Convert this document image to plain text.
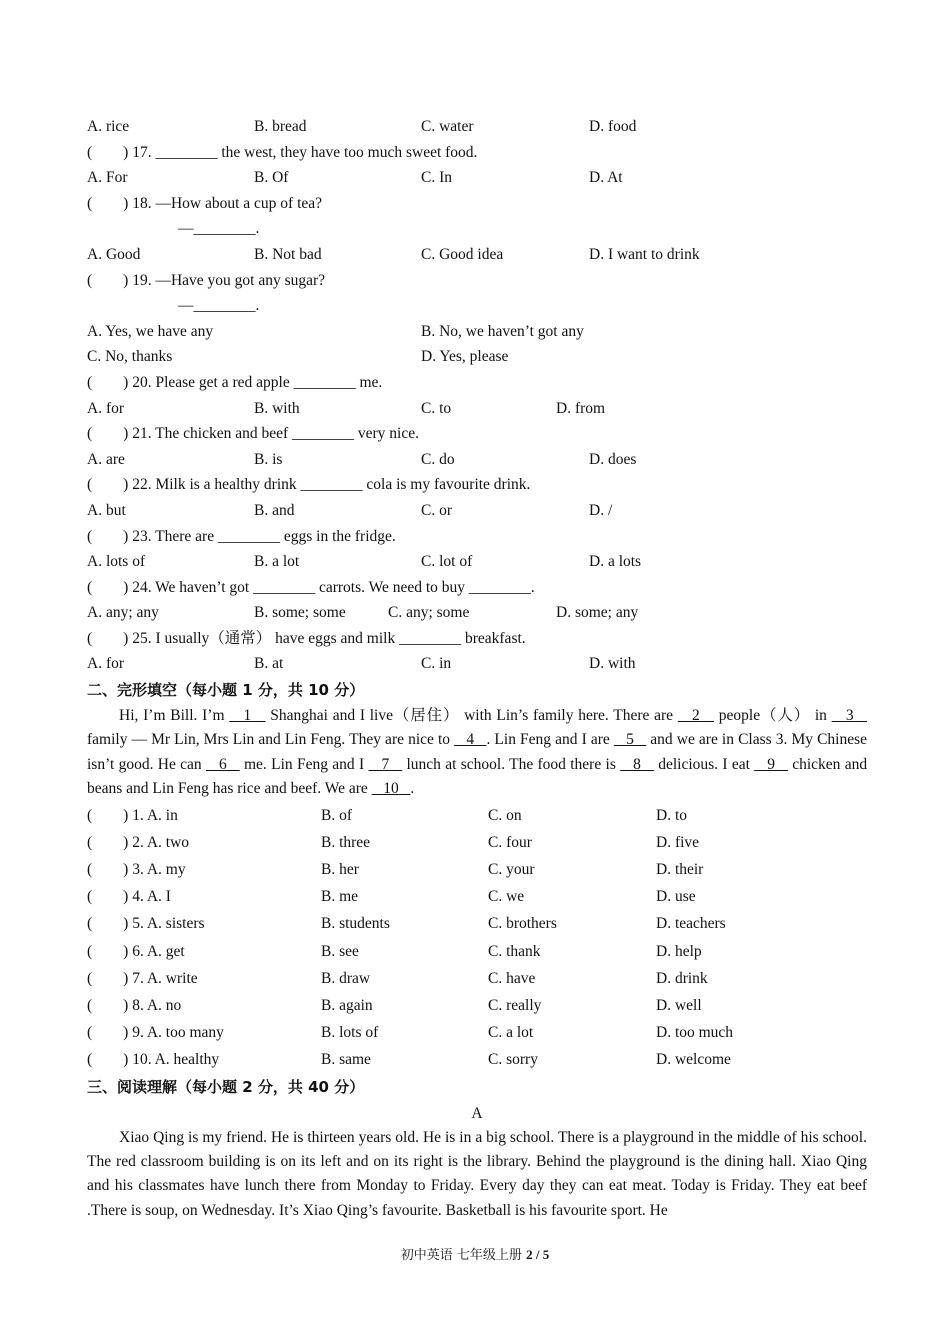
A. rice	B. bread	C. water	D. food
(　　) 17. ________ the west, they have too much sweet food.
A. For	B. Of	C. In	D. At
(　　) 18. —How about a cup of tea?
—________.
A. Good	B. Not bad	C. Good idea	D. I want to drink
(　　) 19. —Have you got any sugar?
—________.
A. Yes, we have any	B. No, we haven’t got any
C. No, thanks	D. Yes, please
(　　) 20. Please get a red apple ________ me.
A. for	B. with	C. to	D. from
(　　) 21. The chicken and beef ________ very nice.
A. are	B. is	C. do	D. does
(　　) 22. Milk is a healthy drink ________ cola is my favourite drink.
A. but	B. and	C. or	D. /
(　　) 23. There are ________ eggs in the fridge.
A. lots of	B. a lot	C. lot of	D. a lots
(　　) 24. We haven’t got ________ carrots. We need to buy ________.
A. any; any	B. some; some	C. any; some	D. some; any
(　　) 25. I usually（通常） have eggs and milk ________ breakfast.
A. for	B. at	C. in	D. with
二、完形填空（每小题 1 分，共 10 分）
Hi, I’m Bill. I’m 1 Shanghai and I live（居住） with Lin’s family here. There are 2 people（人） in 3    family — Mr Lin, Mrs Lin and Lin Feng. They are nice to 4 . Lin Feng and I are 5 and we are in Class 3. My Chinese isn’t good. He can 6 me. Lin Feng and I 7 lunch at school. The food there is 8 delicious. I eat 9 chicken and beans and Lin Feng has rice and beef. We are 10 .
(　　) 1. A. in	B. of	C. on	D. to
(　　) 2. A. two	B. three	C. four	D. five
(　　) 3. A. my	B. her	C. your	D. their
(　　) 4. A. I	B. me	C. we	D. use
(　　) 5. A. sisters	B. students	C. brothers	D. teachers
(　　) 6. A. get	B. see	C. thank	D. help
(　　) 7. A. write	B. draw	C. have	D. drink
(　　) 8. A. no	B. again	C. really	D. well
(　　) 9. A. too many	B. lots of	C. a lot	D. too much
(　　) 10. A. healthy	B. same	C. sorry	D. welcome
三、阅读理解（每小题 2 分，共 40 分）
A
Xiao Qing is my friend. He is thirteen years old. He is in a big school. There is a playground in the middle of his school. The red classroom building is on its left and on its right is the library. Behind the playground is the dining hall. Xiao Qing and his classmates have lunch there from Monday to Friday. Every day they can eat meat. Today is Friday. They eat beef .There is soup, on Wednesday. It’s Xiao Qing’s favourite. Basketball is his favourite sport. He
初中英语 七年级上册 2 / 5
